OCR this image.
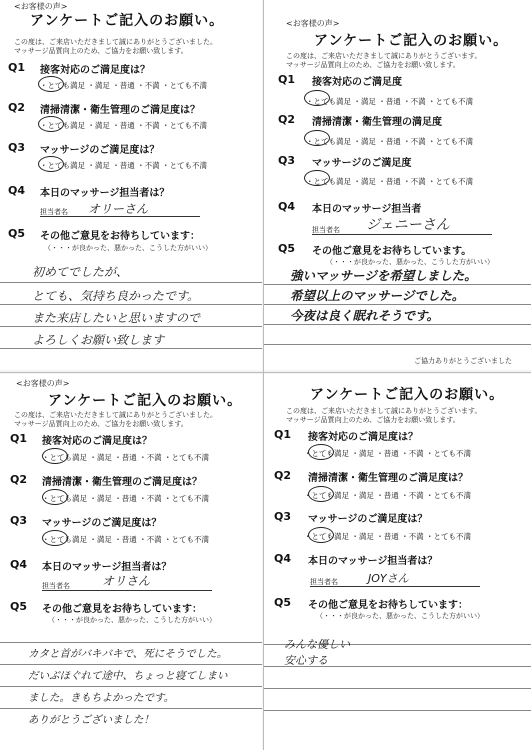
<お客様の声>
アンケートご記入のお願い。
この度は、ご来店いただきまして誠にありがとうございました。
マッサージ品質向上のため、ご協力をお願い致します。
Q1 接客対応のご満足度は？
・とても満足 ・満足 ・普通 ・不満 ・とても不満
Q2 清掃清潔・衛生管理のご満足度は？
・とても満足 ・満足 ・普通 ・不満 ・とても不満
Q3 マッサージのご満足度は？
・とても満足 ・満足 ・普通 ・不満 ・とても不満
Q4 本日のマッサージ担当者は？
担当者名 オリーさん
Q5 その他ご意見をお待ちしています：
（・・・が良かった、悪かった、こうした方がいい）
初めてでしたが、
とても、気持ち良かったです。
また来店したいと思いますので
よろしくお願い致します
<お客様の声>
アンケートご記入のお願い。
この度は、ご来店いただきまして誠にありがとうございます。
マッサージ品質向上のため、ご協力をお願い致します。
Q1 接客対応のご満足度
・とても満足 ・満足 ・普通 ・不満 ・とても不満
Q2 清掃清潔・衛生管理の満足度
・とても満足 ・満足 ・普通 ・不満 ・とても不満
Q3 マッサージのご満足度
・とても満足 ・満足 ・普通 ・不満 ・とても不満
Q4 本日のマッサージ担当者
担当者名 ジェニーさん
Q5 その他ご意見をお待ちしています。
（・・・が良かった、悪かった、こうした方がいい）
強いマッサージを希望しました。
希望以上のマッサージでした。
今夜は良く眠れそうです。
ご協力ありがとうございました
<お客様の声>
アンケートご記入のお願い。
この度は、ご来店いただきまして誠にありがとうございました。
マッサージ品質向上のため、ご協力をお願い致します。
Q1 接客対応のご満足度は？
・とても満足 ・満足 ・普通 ・不満 ・とても不満
Q2 清掃清潔・衛生管理のご満足度は？
・とても満足 ・満足 ・普通 ・不満 ・とても不満
Q3 マッサージのご満足度は？
・とても満足 ・満足 ・普通 ・不満 ・とても不満
Q4 本日のマッサージ担当者は？
担当者名	オリさん
Q5 その他ご意見をお待ちしています：
（・・・が良かった、悪かった、こうした方がいい）
カタと首がバキバキで、死にそうでした。
だいぶほぐれて途中、ちょっと寝てしまい
ました。きもちよかったです。
ありがとうございました！
アンケートご記入のお願い。
この度は、ご来店いただきまして誠にありがとうございます。
マッサージ品質向上のため、ご協力をお願い致します。
Q1 接客対応のご満足度は？
・とても満足 ・満足 ・普通 ・不満 ・とても不満
Q2 清掃清潔・衛生管理のご満足度は？
・とても満足 ・満足 ・普通 ・不満 ・とても不満
Q3 マッサージのご満足度は？
・とても満足 ・満足 ・普通 ・不満 ・とても不満
Q4 本日のマッサージ担当者は？
担当者名	JOYさん
Q5 その他ご意見をお待ちしています：
（・・・が良かった、悪かった、こうした方がいい）
みんな優しい
安心する
